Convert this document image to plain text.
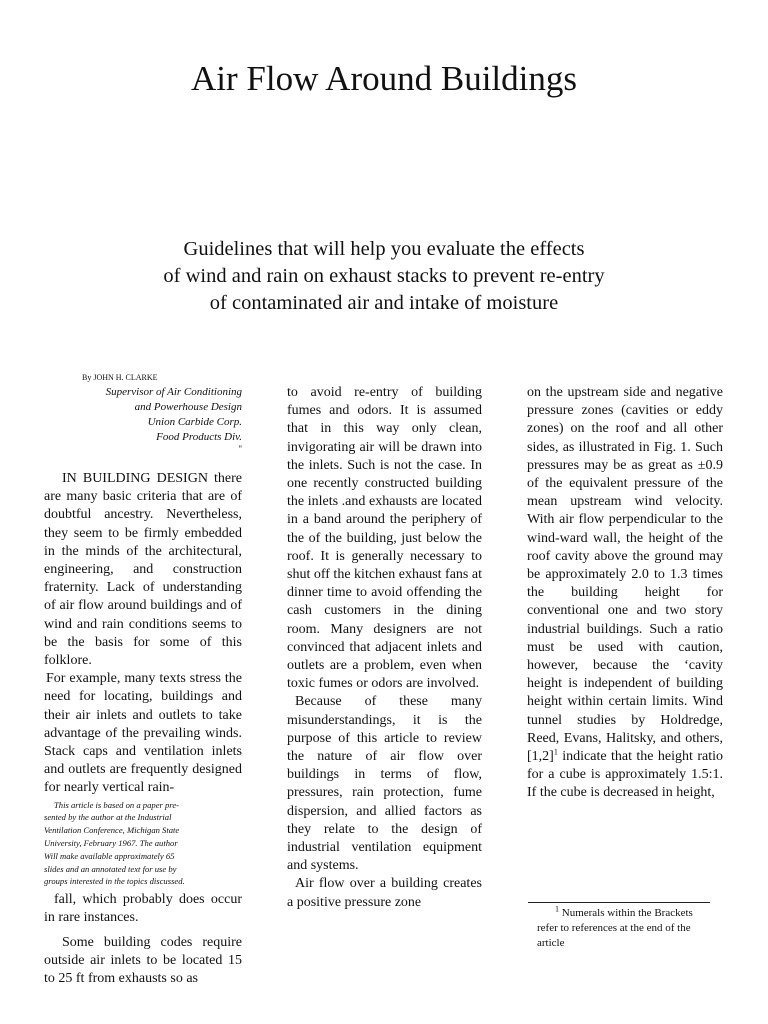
Air Flow Around Buildings
Guidelines that will help you evaluate the effects
of wind and rain on exhaust stacks to prevent re-entry
of contaminated air and intake of moisture
By JOHN H. CLARKE
Supervisor of Air Conditioning
and Powerhouse Design
Union Carbide Corp.
Food Products Div.
"

IN BUILDING DESIGN there are many basic criteria that are of doubtful ancestry. Nevertheless, they seem to be firmly embedded in the minds of the architectural, engineering, and construction fraternity. Lack of understanding of air flow around buildings and of wind and rain conditions seems to be the basis for some of this folklore.

For example, many texts stress the need for locating, buildings and their air inlets and outlets to take advantage of the prevailing winds. Stack caps and ventilation inlets and outlets are frequently designed for nearly vertical rain-

This article is based on a paper pre-
sented by the author at the Industrial
Ventilation Conference, Michigan State
University, February 1967. The author
Will make available approximately 65
slides and an annotated text for use by
groups interested in the topics discussed.

fall, which probably does occur in rare instances.

Some building codes require outside air inlets to be located 15 to 25 ft from exhausts so as

to avoid re-entry of building fumes and odors. It is assumed that in this way only clean, invigorating air will be drawn into the inlets. Such is not the case. In one recently constructed building the inlets .and exhausts are located in a band around the periphery of the of the building, just below the roof. It is generally necessary to shut off the kitchen exhaust fans at dinner time to avoid offending the cash customers in the dining room. Many designers are not convinced that adjacent inlets and outlets are a problem, even when toxic fumes or odors are involved.

Because of these many misunderstandings, it is the purpose of this article to review the nature of air flow over buildings in terms of flow, pressures, rain protection, fume dispersion, and allied factors as they relate to the design of industrial ventilation equipment and systems.

Air flow over a building creates a positive pressure zone

on the upstream side and negative pressure zones (cavities or eddy zones) on the roof and all other sides, as illustrated in Fig. 1. Such pressures may be as great as ±0.9 of the equivalent pressure of the mean upstream wind velocity. With air flow perpendicular to the wind-ward wall, the height of the roof cavity above the ground may be approximately 2.0 to 1.3 times the building height for conventional one and two story industrial buildings. Such a ratio must be used with caution, however, because the ‘cavity height is independent of building height within certain limits. Wind tunnel studies by Holdredge, Reed, Evans, Halitsky, and $others,[1,2]^1$ indicate that the height ratio for a cube is approximately 1.5:1. If the cube is decreased in height,

$^1$ Numerals within the Brackets
refer to references at the end of the
article
